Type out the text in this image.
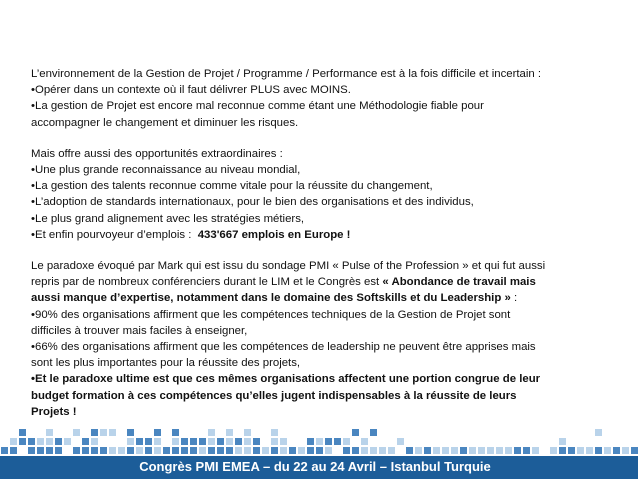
L’environnement de la Gestion de Projet / Programme / Performance est à la fois difficile et incertain :

•Opérer dans un contexte où il faut délivrer PLUS avec MOINS.

•La gestion de Projet est encore mal reconnue comme étant une Méthodologie fiable pour

accompagner le changement et diminuer les risques.

Mais offre aussi des opportunités extraordinaires :

•Une plus grande reconnaissance au niveau mondial,

•La gestion des talents reconnue comme vitale pour la réussite du changement,

•L’adoption de standards internationaux, pour le bien des organisations et des individus,

•Le plus grand alignement avec les stratégies métiers,

•Et enfin pourvoyeur d’emplois :  433'667 emplois en Europe !

Le paradoxe évoqué par Mark qui est issu du sondage PMI « Pulse of the Profession » et qui fut aussi

repris par de nombreux conférenciers durant le LIM et le Congrès est « Abondance de travail mais

aussi manque d’expertise, notamment dans le domaine des Softskills et du Leadership » :

•90% des organisations affirment que les compétences techniques de la Gestion de Projet sont

difficiles à trouver mais faciles à enseigner,

•66% des organisations affirment que les compétences de leadership ne peuvent être apprises mais

sont les plus importantes pour la réussite des projets,

•Et le paradoxe ultime est que ces mêmes organisations affectent une portion congrue de leur

budget formation à ces compétences qu’elles jugent indispensables à la réussite de leurs

Projets !

Congrès PMI EMEA – du 22 au 24 Avril – Istanbul Turquie
